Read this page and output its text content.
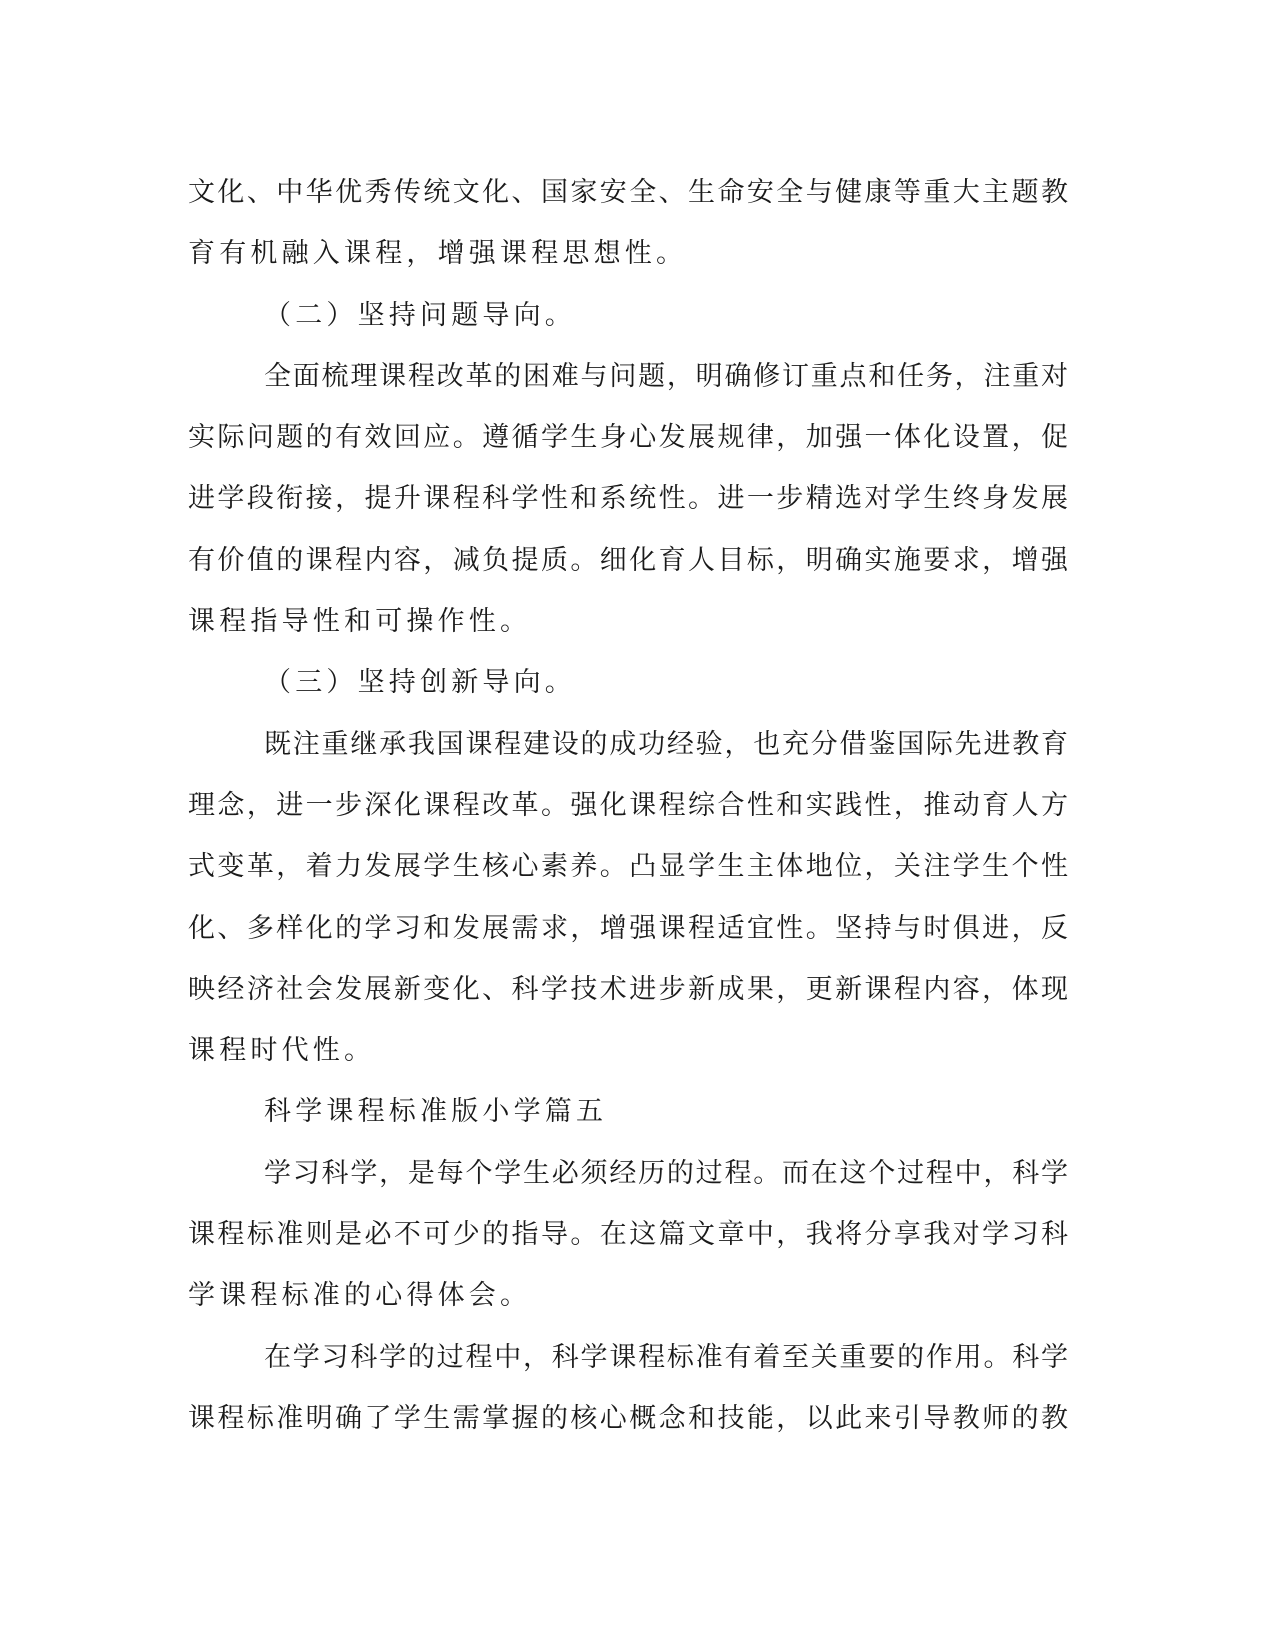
文化、中华优秀传统文化、国家安全、生命安全与健康等重大主题教
育有机融入课程，增强课程思想性。
（二）坚持问题导向。
全面梳理课程改革的困难与问题，明确修订重点和任务，注重对
实际问题的有效回应。遵循学生身心发展规律，加强一体化设置，促
进学段衔接，提升课程科学性和系统性。进一步精选对学生终身发展
有价值的课程内容，减负提质。细化育人目标，明确实施要求，增强
课程指导性和可操作性。
（三）坚持创新导向。
既注重继承我国课程建设的成功经验，也充分借鉴国际先进教育
理念，进一步深化课程改革。强化课程综合性和实践性，推动育人方
式变革，着力发展学生核心素养。凸显学生主体地位，关注学生个性
化、多样化的学习和发展需求，增强课程适宜性。坚持与时俱进，反
映经济社会发展新变化、科学技术进步新成果，更新课程内容，体现
课程时代性。
科学课程标准版小学篇五
学习科学，是每个学生必须经历的过程。而在这个过程中，科学
课程标准则是必不可少的指导。在这篇文章中，我将分享我对学习科
学课程标准的心得体会。
在学习科学的过程中，科学课程标准有着至关重要的作用。科学
课程标准明确了学生需掌握的核心概念和技能，以此来引导教师的教
